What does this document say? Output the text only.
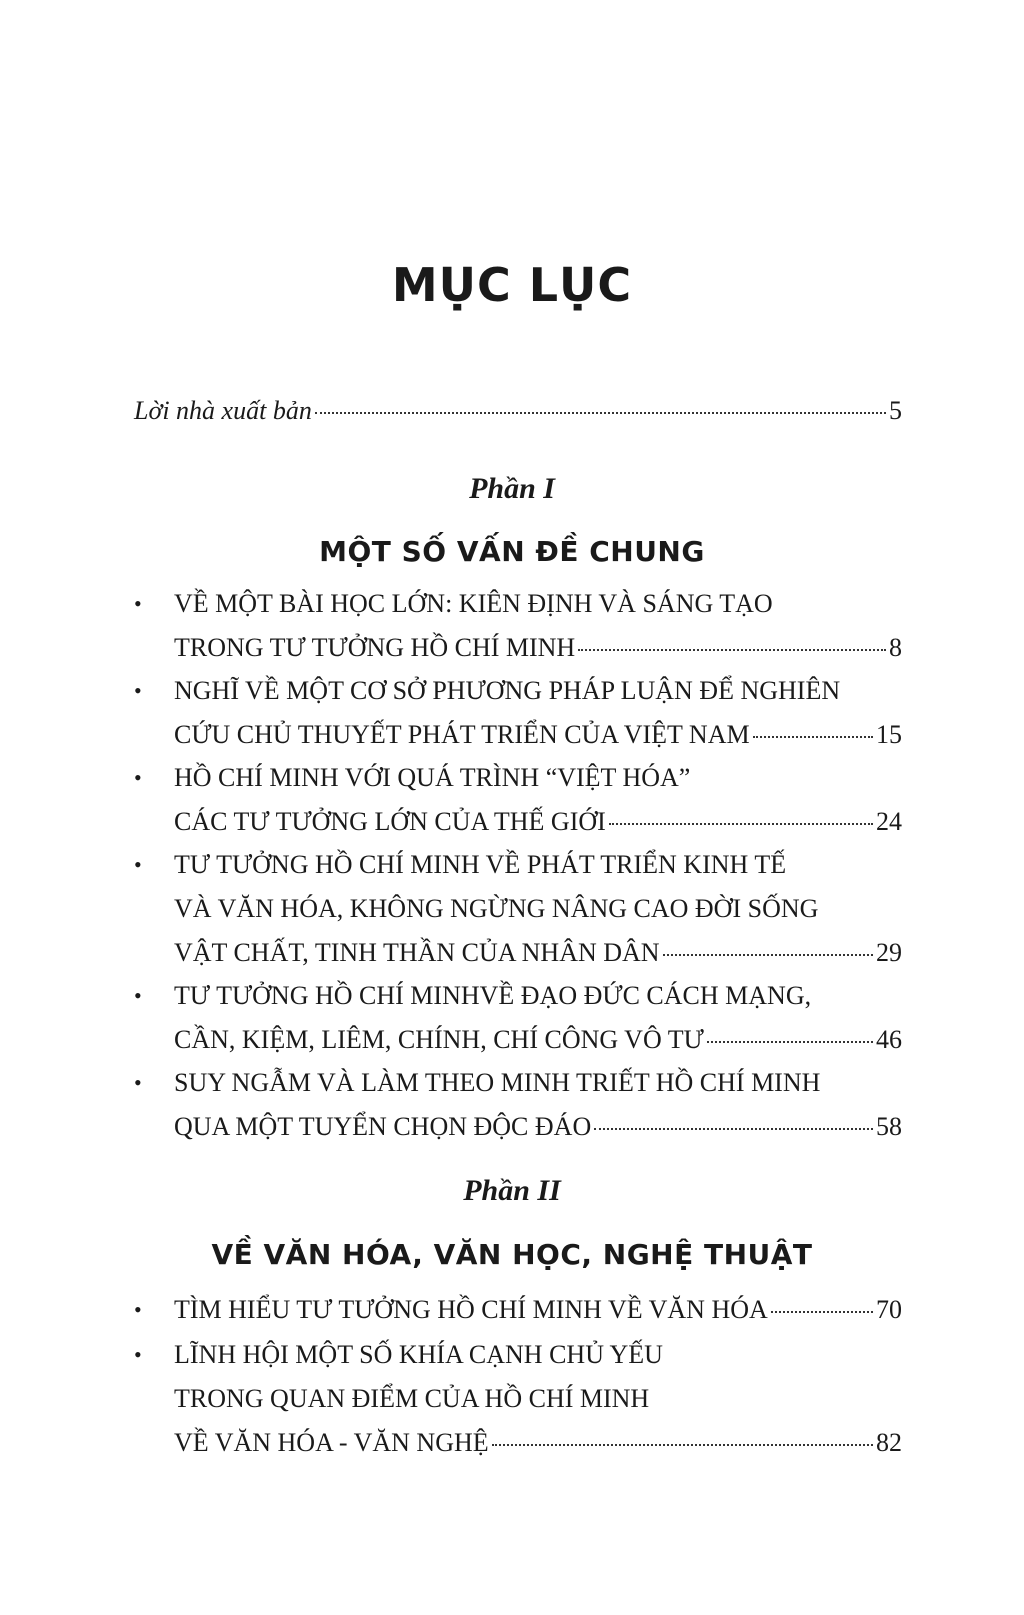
MỤC LỤC
Lời nhà xuất bản	5
Phần I
MỘT SỐ VẤN ĐỀ CHUNG
• VỀ MỘT BÀI HỌC LỚN: KIÊN ĐỊNH VÀ SÁNG TẠO
TRONG TƯ TƯỞNG HỒ CHÍ MINH	8
• NGHĨ VỀ MỘT CƠ SỞ PHƯƠNG PHÁP LUẬN ĐỂ NGHIÊN
CỨU CHỦ THUYẾT PHÁT TRIỂN CỦA VIỆT NAM	15
• HỒ CHÍ MINH VỚI QUÁ TRÌNH “VIỆT HÓA”
CÁC TƯ TƯỞNG LỚN CỦA THẾ GIỚI	24
• TƯ TƯỞNG HỒ CHÍ MINH VỀ PHÁT TRIỂN KINH TẾ
VÀ VĂN HÓA, KHÔNG NGỪNG NÂNG CAO ĐỜI SỐNG
VẬT CHẤT, TINH THẦN CỦA NHÂN DÂN	29
• TƯ TƯỞNG HỒ CHÍ MINHVỀ ĐẠO ĐỨC CÁCH MẠNG,
CẦN, KIỆM, LIÊM, CHÍNH, CHÍ CÔNG VÔ TƯ	46
• SUY NGẪM VÀ LÀM THEO MINH TRIẾT HỒ CHÍ MINH
QUA MỘT TUYỂN CHỌN ĐỘC ĐÁO	58
Phần II
VỀ VĂN HÓA, VĂN HỌC, NGHỆ THUẬT
• TÌM HIỂU TƯ TƯỞNG HỒ CHÍ MINH VỀ VĂN HÓA	70
• LĨNH HỘI MỘT SỐ KHÍA CẠNH CHỦ YẾU
TRONG QUAN ĐIỂM CỦA HỒ CHÍ MINH
VỀ VĂN HÓA - VĂN NGHỆ	82
